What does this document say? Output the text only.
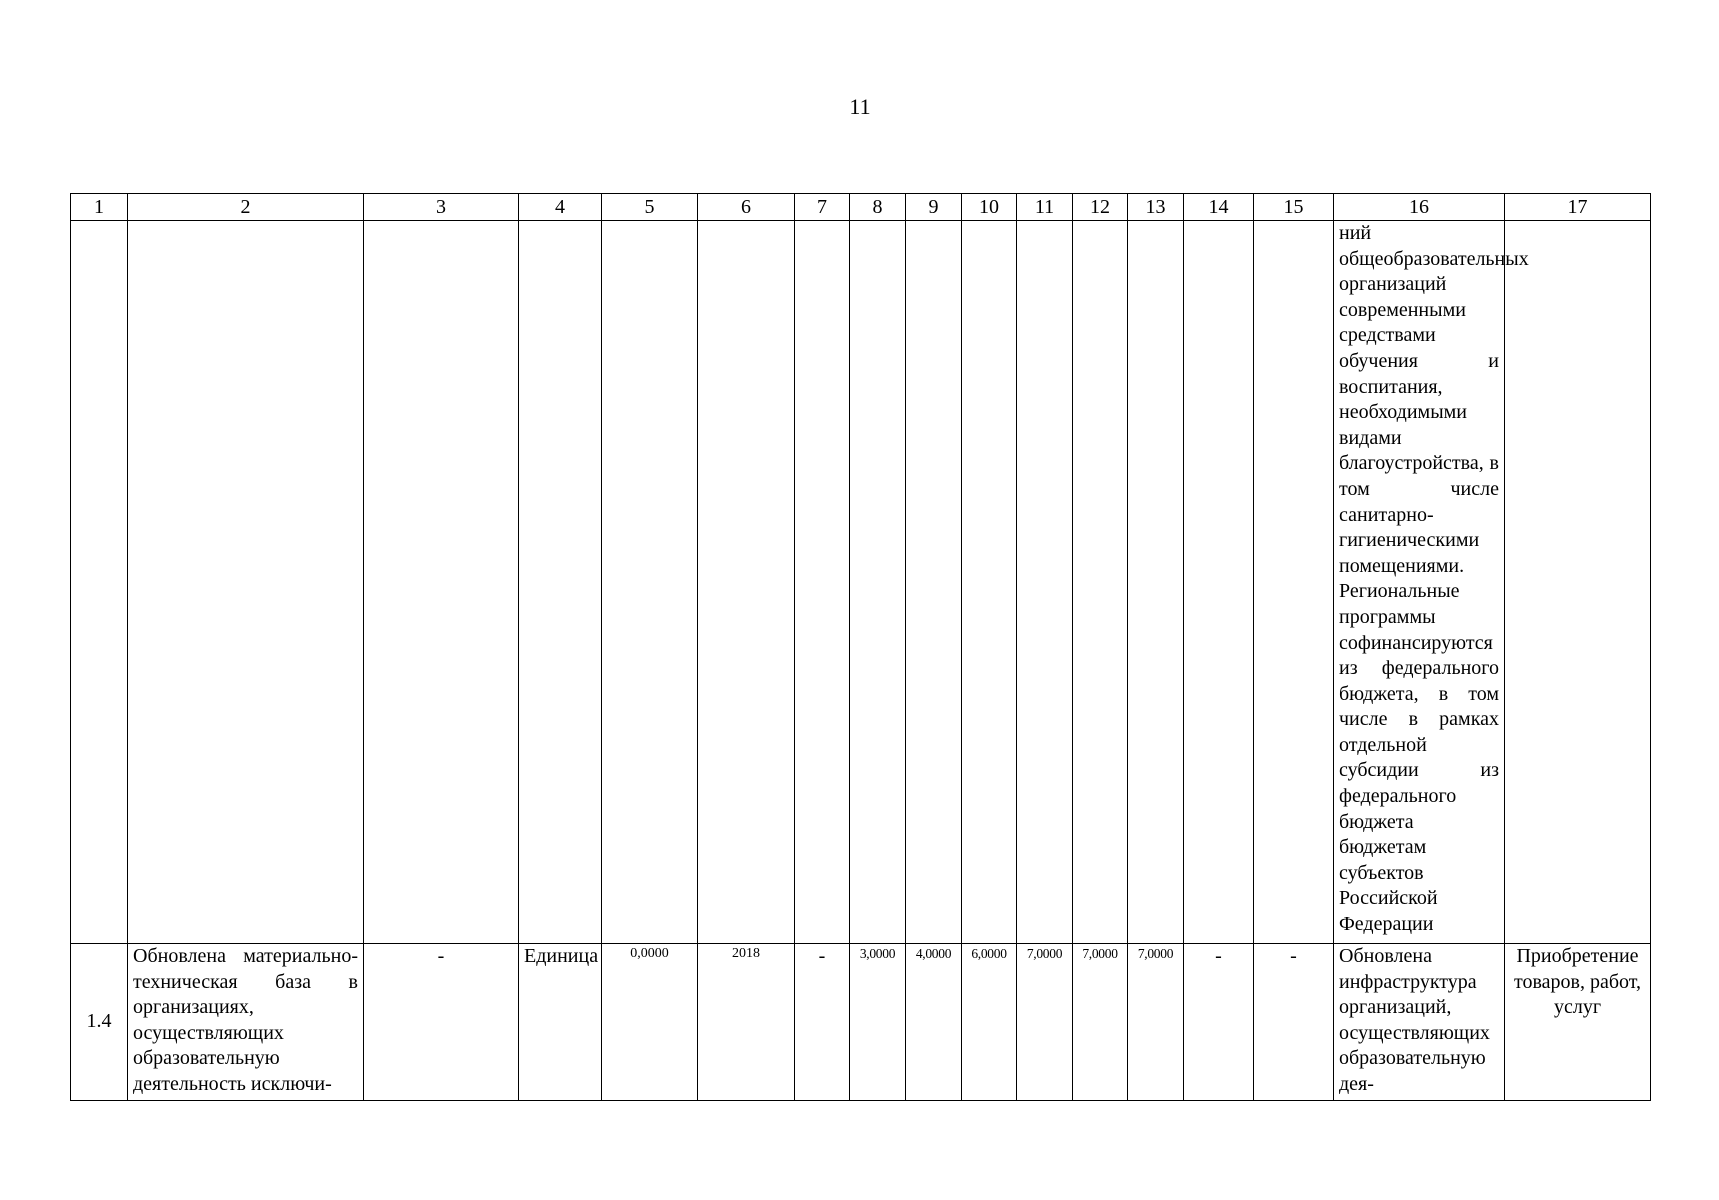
11
1	2	3	4	5	6	7	8	9	10	11	12	13	14	15	16	17
															ний общеобразовательных организаций современными средствами обучения и воспитания, необходимыми видами благоустройства, в том числе санитарно-гигиеническими помещениями. Региональные программы софинансируются из федерального бюджета, в том числе в рамках отдельной субсидии из федерального бюджета бюджетам субъектов Российской Федерации	
1.4	Обновлена материально-техническая база в организациях, осуществляющих образовательную деятельность исключи-	-	Единица	0,0000	2018	-	3,0000	4,0000	6,0000	7,0000	7,0000	7,0000	-	-	Обновлена инфраструктура организаций, осуществляющих образовательную дея-	Приобретение товаров, работ, услуг
